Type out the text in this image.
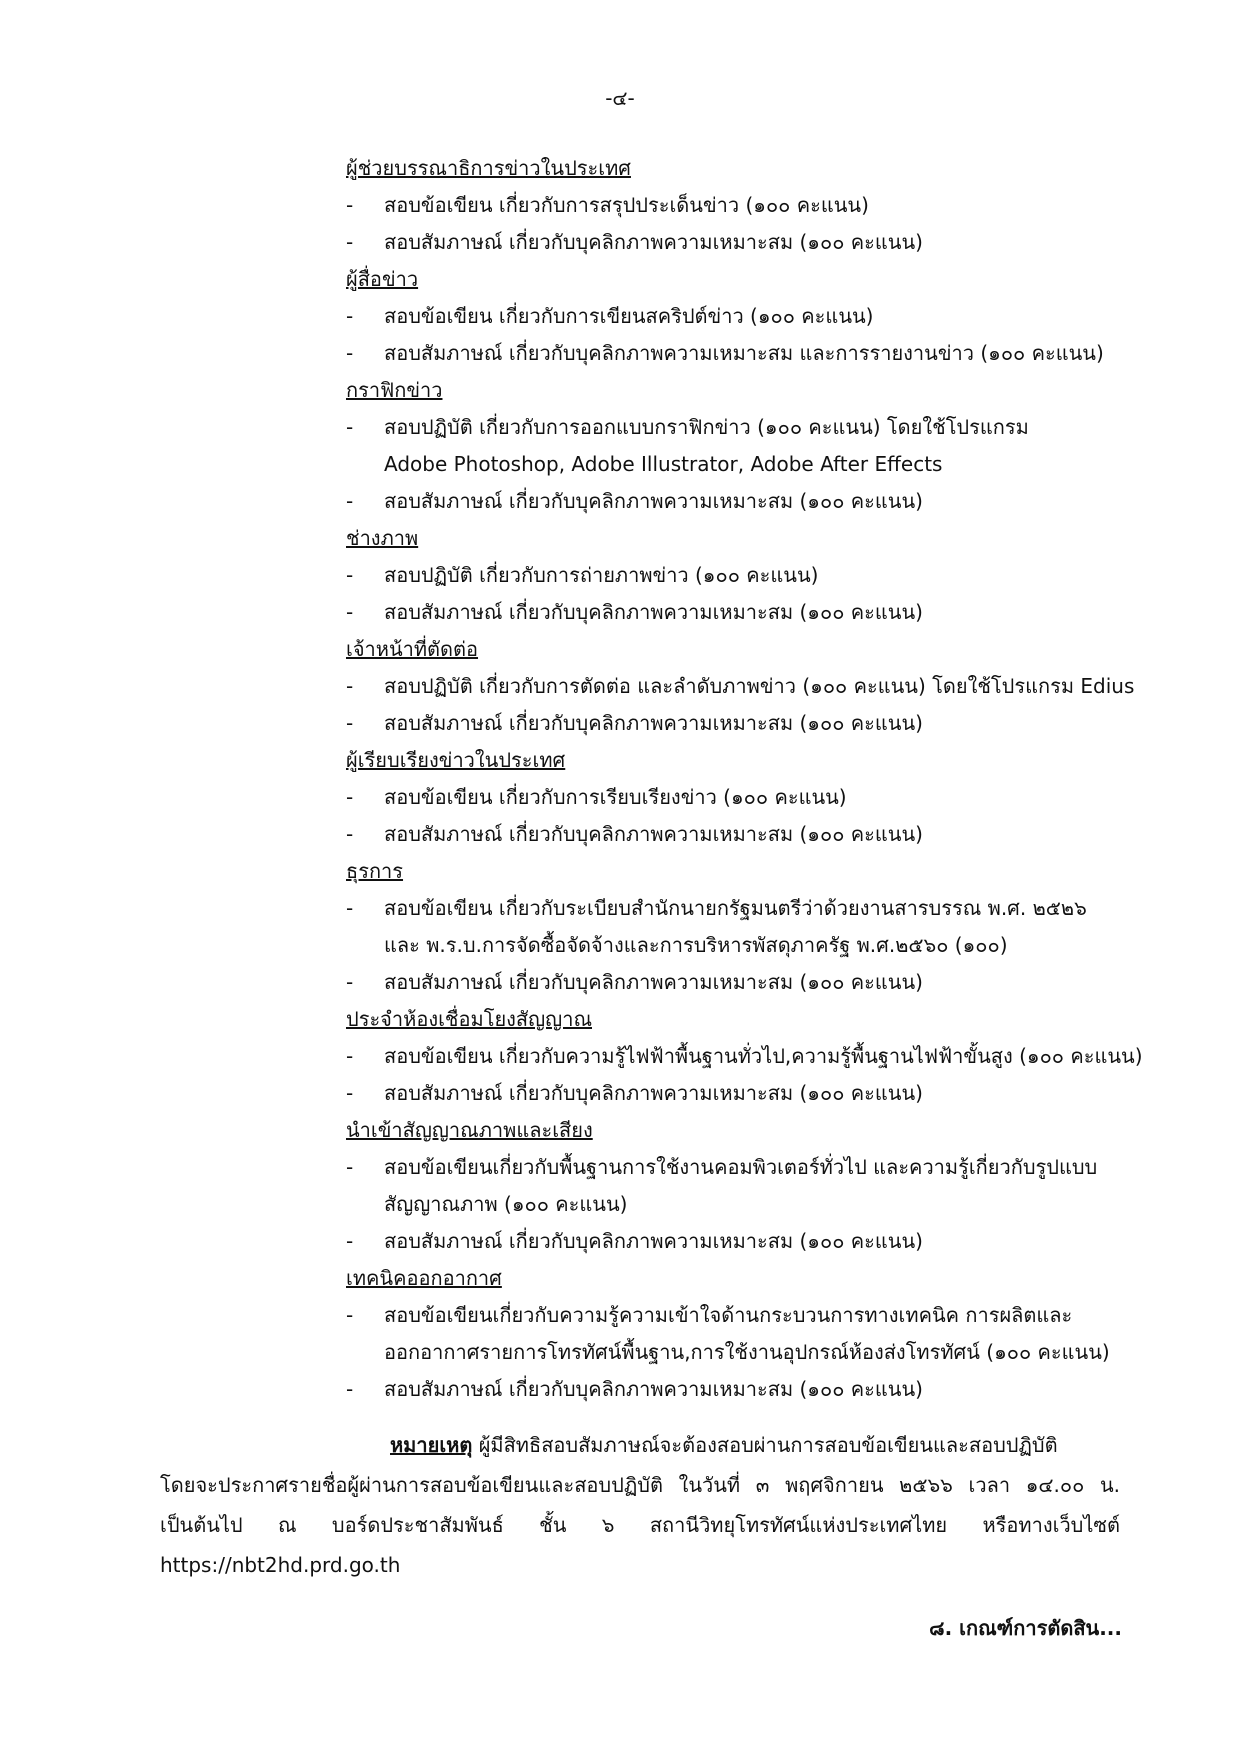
-๔-
ผู้ช่วยบรรณาธิการข่าวในประเทศ
- สอบข้อเขียน เกี่ยวกับการสรุปประเด็นข่าว (๑๐๐ คะแนน)
- สอบสัมภาษณ์ เกี่ยวกับบุคลิกภาพความเหมาะสม (๑๐๐ คะแนน)
ผู้สื่อข่าว
- สอบข้อเขียน เกี่ยวกับการเขียนสคริปต์ข่าว (๑๐๐ คะแนน)
- สอบสัมภาษณ์ เกี่ยวกับบุคลิกภาพความเหมาะสม และการรายงานข่าว (๑๐๐ คะแนน)
กราฟิกข่าว
- สอบปฏิบัติ เกี่ยวกับการออกแบบกราฟิกข่าว (๑๐๐ คะแนน) โดยใช้โปรแกรม
Adobe Photoshop, Adobe Illustrator, Adobe After Effects
- สอบสัมภาษณ์ เกี่ยวกับบุคลิกภาพความเหมาะสม (๑๐๐ คะแนน)
ช่างภาพ
- สอบปฏิบัติ เกี่ยวกับการถ่ายภาพข่าว (๑๐๐ คะแนน)
- สอบสัมภาษณ์ เกี่ยวกับบุคลิกภาพความเหมาะสม (๑๐๐ คะแนน)
เจ้าหน้าที่ตัดต่อ
- สอบปฏิบัติ เกี่ยวกับการตัดต่อ และลำดับภาพข่าว (๑๐๐ คะแนน) โดยใช้โปรแกรม Edius
- สอบสัมภาษณ์ เกี่ยวกับบุคลิกภาพความเหมาะสม (๑๐๐ คะแนน)
ผู้เรียบเรียงข่าวในประเทศ
- สอบข้อเขียน เกี่ยวกับการเรียบเรียงข่าว (๑๐๐ คะแนน)
- สอบสัมภาษณ์ เกี่ยวกับบุคลิกภาพความเหมาะสม (๑๐๐ คะแนน)
ธุรการ
- สอบข้อเขียน เกี่ยวกับระเบียบสำนักนายกรัฐมนตรีว่าด้วยงานสารบรรณ พ.ศ. ๒๕๒๖
และ พ.ร.บ.การจัดซื้อจัดจ้างและการบริหารพัสดุภาครัฐ พ.ศ.๒๕๖๐ (๑๐๐)
- สอบสัมภาษณ์ เกี่ยวกับบุคลิกภาพความเหมาะสม (๑๐๐ คะแนน)
ประจำห้องเชื่อมโยงสัญญาณ
- สอบข้อเขียน เกี่ยวกับความรู้ไฟฟ้าพื้นฐานทั่วไป,ความรู้พื้นฐานไฟฟ้าขั้นสูง (๑๐๐ คะแนน)
- สอบสัมภาษณ์ เกี่ยวกับบุคลิกภาพความเหมาะสม (๑๐๐ คะแนน)
นำเข้าสัญญาณภาพและเสียง
- สอบข้อเขียนเกี่ยวกับพื้นฐานการใช้งานคอมพิวเตอร์ทั่วไป และความรู้เกี่ยวกับรูปแบบ
สัญญาณภาพ (๑๐๐ คะแนน)
- สอบสัมภาษณ์ เกี่ยวกับบุคลิกภาพความเหมาะสม (๑๐๐ คะแนน)
เทคนิคออกอากาศ
- สอบข้อเขียนเกี่ยวกับความรู้ความเข้าใจด้านกระบวนการทางเทคนิค การผลิตและ
ออกอากาศรายการโทรทัศน์พื้นฐาน,การใช้งานอุปกรณ์ห้องส่งโทรทัศน์ (๑๐๐ คะแนน)
- สอบสัมภาษณ์ เกี่ยวกับบุคลิกภาพความเหมาะสม (๑๐๐ คะแนน)
หมายเหตุ ผู้มีสิทธิสอบสัมภาษณ์จะต้องสอบผ่านการสอบข้อเขียนและสอบปฏิบัติ
โดยจะประกาศรายชื่อผู้ผ่านการสอบข้อเขียนและสอบปฏิบัติ ในวันที่ ๓ พฤศจิกายน ๒๕๖๖ เวลา ๑๔.๐๐ น.
เป็นต้นไป ณ บอร์ดประชาสัมพันธ์ ชั้น ๖ สถานีวิทยุโทรทัศน์แห่งประเทศไทย หรือทางเว็บไซต์
https://nbt2hd.prd.go.th
๘. เกณฑ์การตัดสิน...
